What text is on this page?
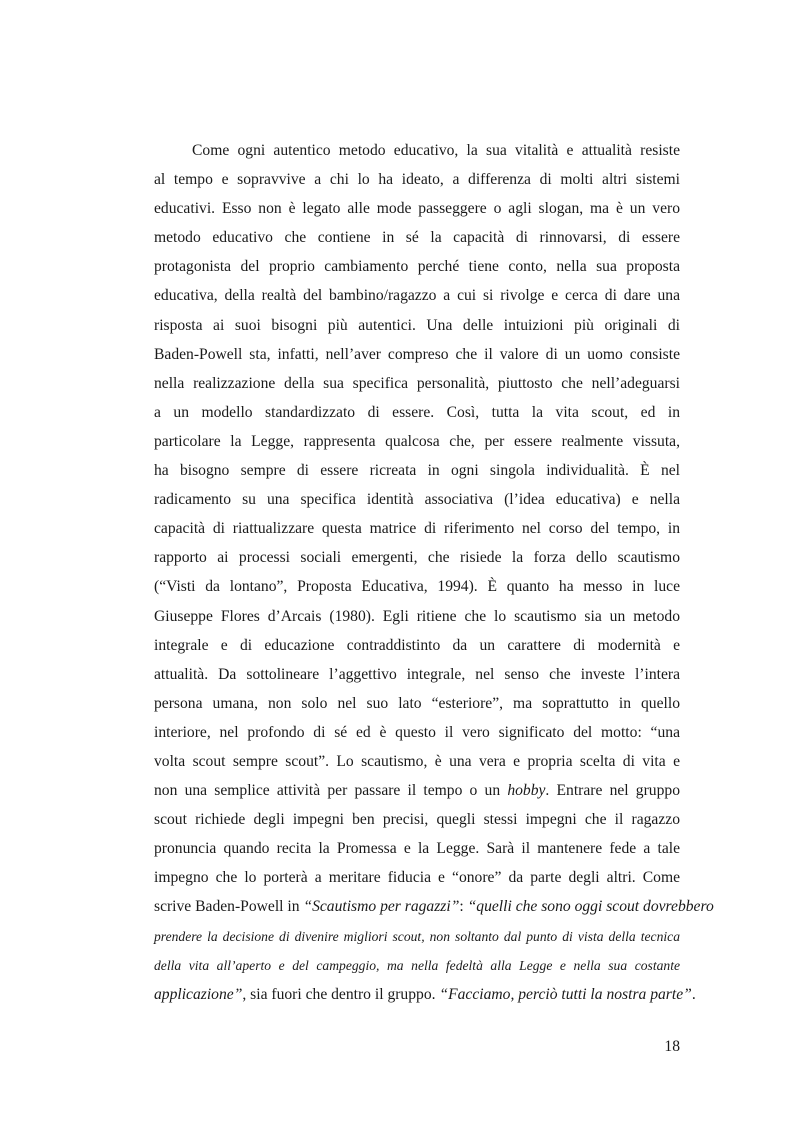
Come ogni autentico metodo educativo, la sua vitalità e attualità resiste
al tempo e sopravvive a chi lo ha ideato, a differenza di molti altri sistemi
educativi. Esso non è legato alle mode passeggere o agli slogan, ma è un vero
metodo educativo che contiene in sé la capacità di rinnovarsi, di essere
protagonista del proprio cambiamento perché tiene conto, nella sua proposta
educativa, della realtà del bambino/ragazzo a cui si rivolge e cerca di dare una
risposta ai suoi bisogni più autentici. Una delle intuizioni più originali di
Baden-Powell sta, infatti, nell’aver compreso che il valore di un uomo consiste
nella realizzazione della sua specifica personalità, piuttosto che nell’adeguarsi
a un modello standardizzato di essere. Così, tutta la vita scout, ed in
particolare la Legge, rappresenta qualcosa che, per essere realmente vissuta,
ha bisogno sempre di essere ricreata in ogni singola individualità. È nel
radicamento su una specifica identità associativa (l’idea educativa) e nella
capacità di riattualizzare questa matrice di riferimento nel corso del tempo, in
rapporto ai processi sociali emergenti, che risiede la forza dello scautismo
(“Visti da lontano”, Proposta Educativa, 1994). È quanto ha messo in luce
Giuseppe Flores d’Arcais (1980). Egli ritiene che lo scautismo sia un metodo
integrale e di educazione contraddistinto da un carattere di modernità e
attualità. Da sottolineare l’aggettivo integrale, nel senso che investe l’intera
persona umana, non solo nel suo lato “esteriore”, ma soprattutto in quello
interiore, nel profondo di sé ed è questo il vero significato del motto: “una
volta scout sempre scout”. Lo scautismo, è una vera e propria scelta di vita e
non una semplice attività per passare il tempo o un hobby. Entrare nel gruppo
scout richiede degli impegni ben precisi, quegli stessi impegni che il ragazzo
pronuncia quando recita la Promessa e la Legge. Sarà il mantenere fede a tale
impegno che lo porterà a meritare fiducia e “onore” da parte degli altri. Come
scrive Baden-Powell in “Scautismo per ragazzi”: “quelli che sono oggi scout dovrebbero
prendere la decisione di divenire migliori scout, non soltanto dal punto di vista della tecnica
della vita all’aperto e del campeggio, ma nella fedeltà alla Legge e nella sua costante
applicazione”, sia fuori che dentro il gruppo. “Facciamo, perciò tutti la nostra parte”.
18
